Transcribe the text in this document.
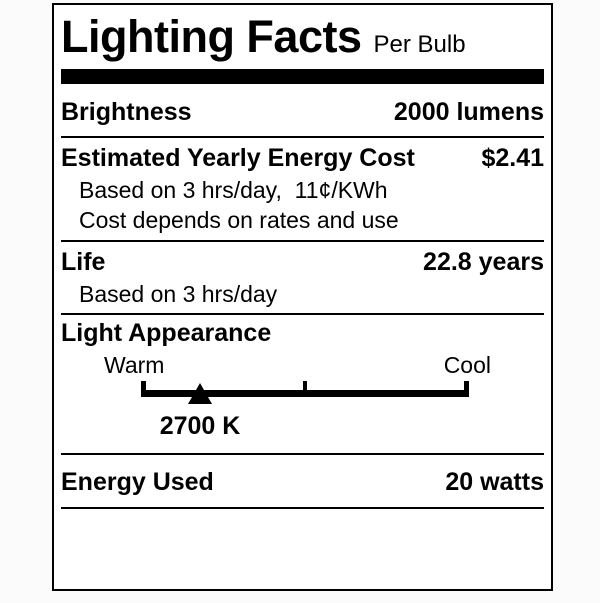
Lighting Facts Per Bulb
Brightness	2000 lumens
Estimated Yearly Energy Cost	$2.41
Based on 3 hrs/day,  11¢/KWh
Cost depends on rates and use
Life	22.8 years
Based on 3 hrs/day
Light Appearance
Warm	Cool
2700 K
Energy Used	20 watts
